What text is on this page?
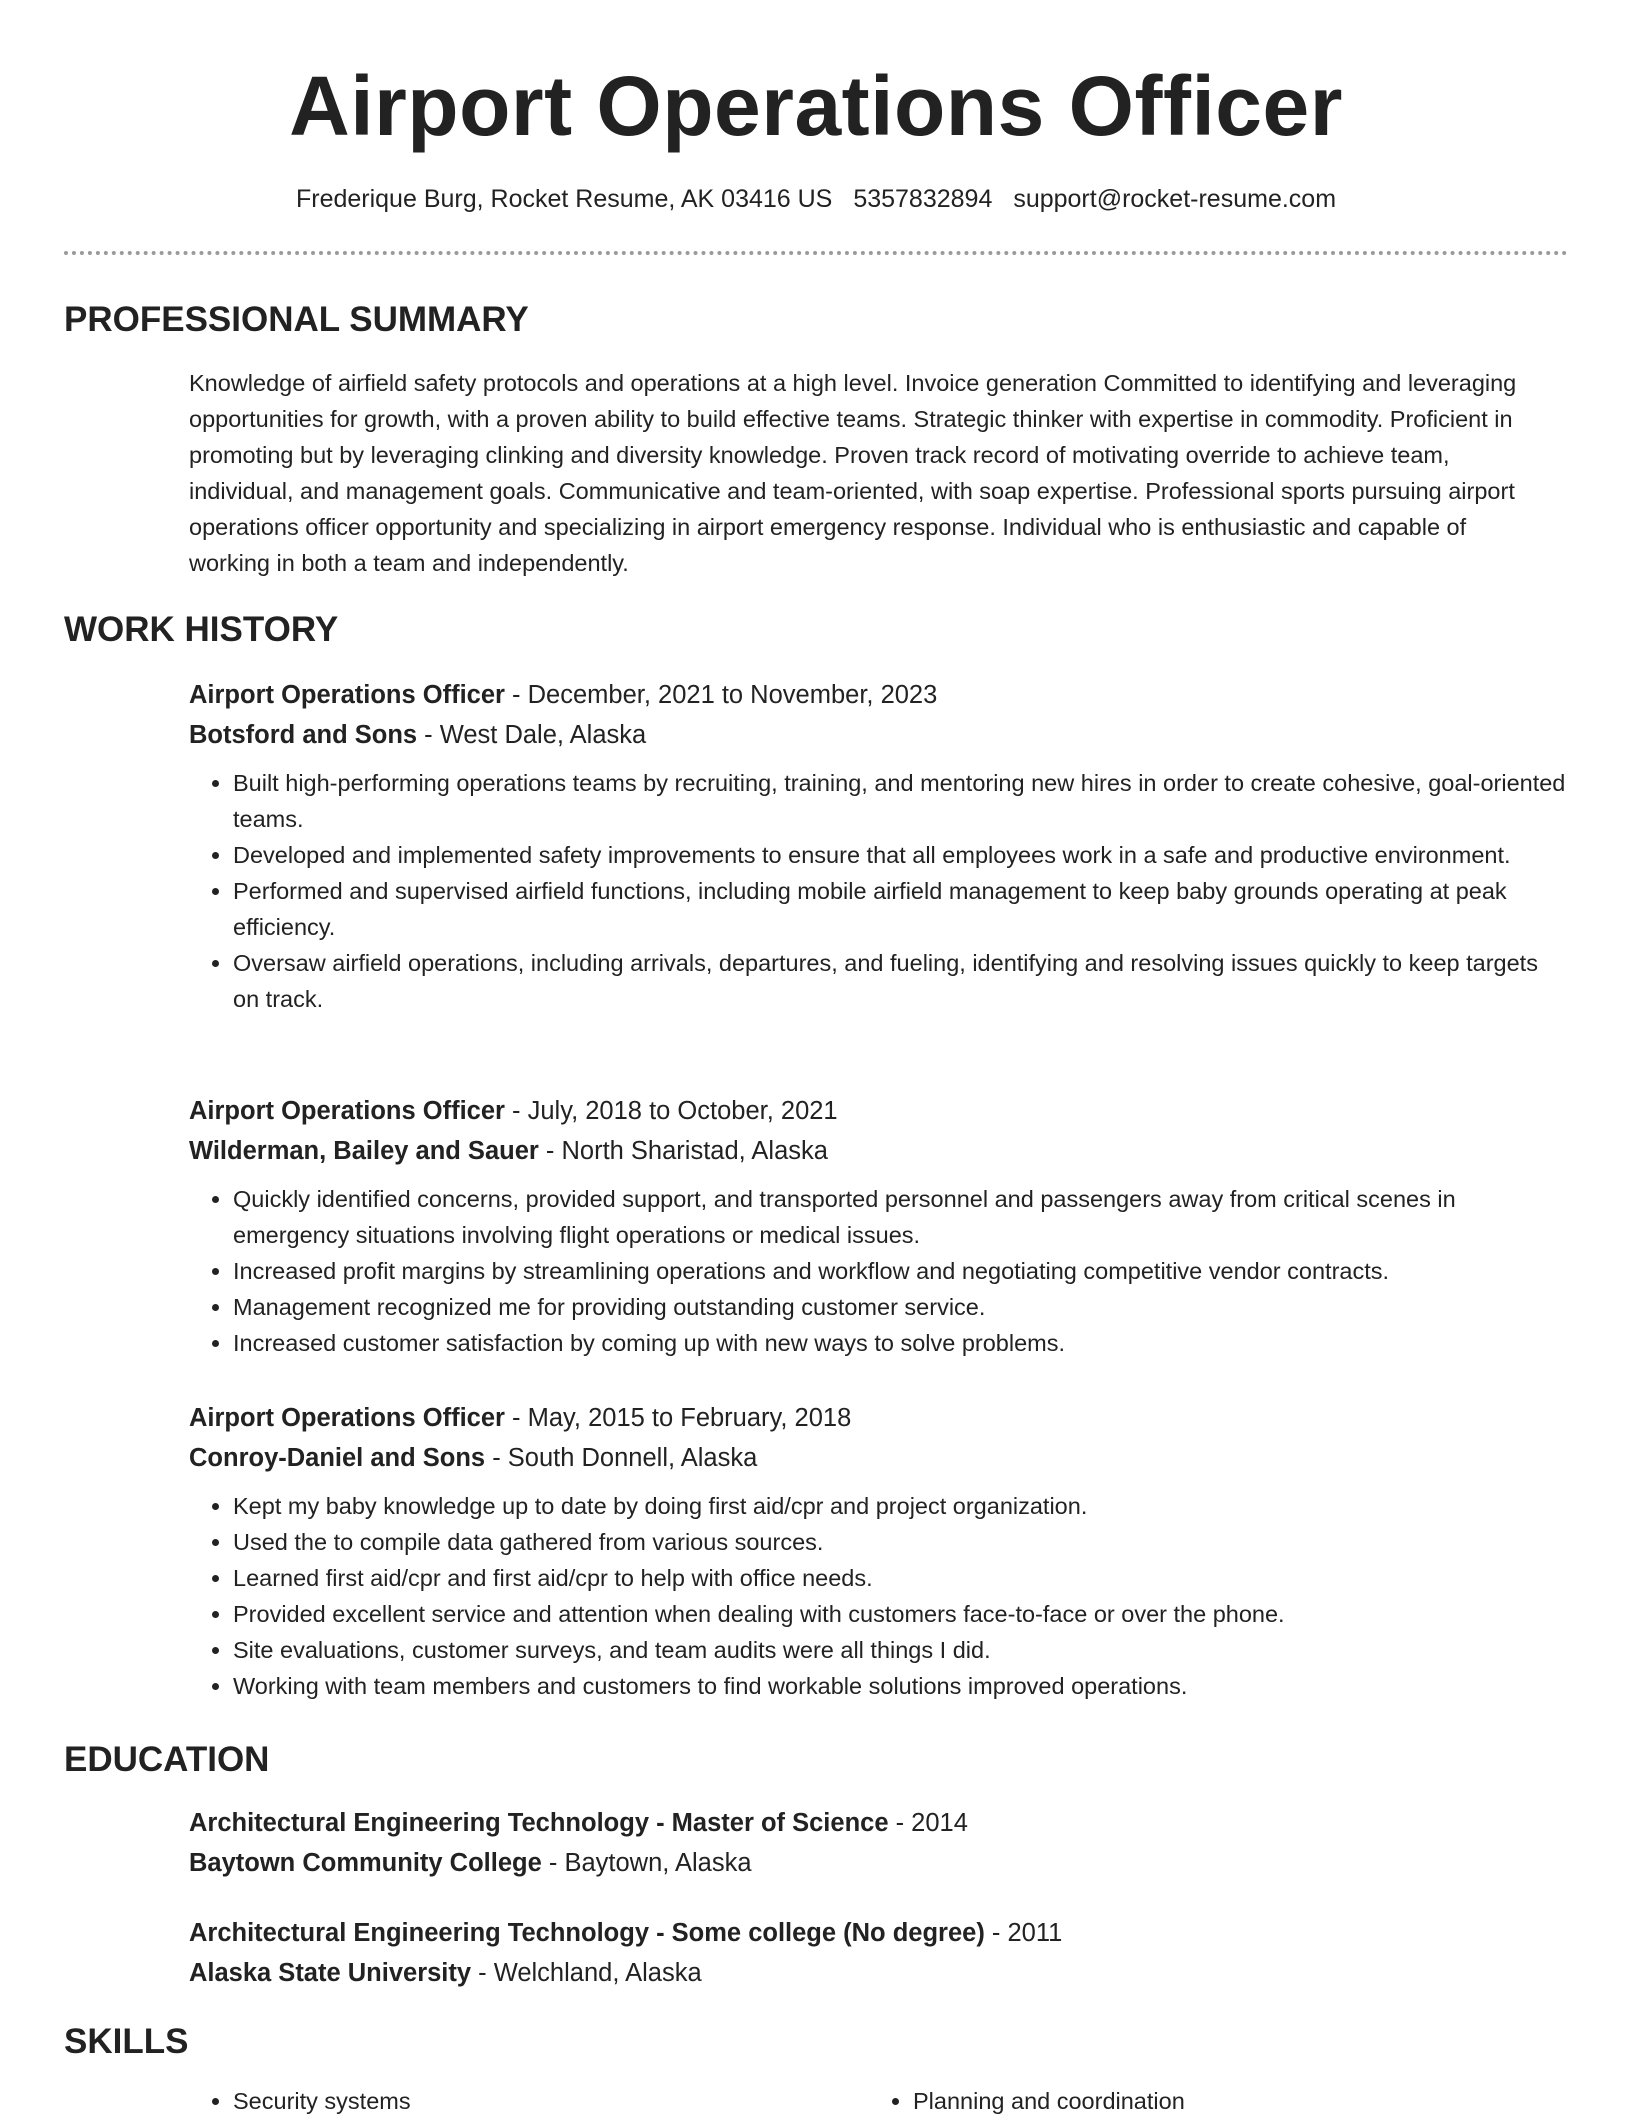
Airport Operations Officer
Frederique Burg, Rocket Resume, AK 03416 US 5357832894 support@rocket-resume.com
PROFESSIONAL SUMMARY

Knowledge of airfield safety protocols and operations at a high level. Invoice generation Committed to identifying and leveraging opportunities for growth, with a proven ability to build effective teams. Strategic thinker with expertise in commodity. Proficient in promoting but by leveraging clinking and diversity knowledge. Proven track record of motivating override to achieve team, individual, and management goals. Communicative and team-oriented, with soap expertise. Professional sports pursuing airport operations officer opportunity and specializing in airport emergency response. Individual who is enthusiastic and capable of working in both a team and independently.

WORK HISTORY
Airport Operations Officer - December, 2021 to November, 2023
Botsford and Sons - West Dale, Alaska
• Built high-performing operations teams by recruiting, training, and mentoring new hires in order to create cohesive, goal-oriented teams.
• Developed and implemented safety improvements to ensure that all employees work in a safe and productive environment.
• Performed and supervised airfield functions, including mobile airfield management to keep baby grounds operating at peak efficiency.
• Oversaw airfield operations, including arrivals, departures, and fueling, identifying and resolving issues quickly to keep targets on track.
Airport Operations Officer - July, 2018 to October, 2021
Wilderman, Bailey and Sauer - North Sharistad, Alaska
• Quickly identified concerns, provided support, and transported personnel and passengers away from critical scenes in emergency situations involving flight operations or medical issues.
• Increased profit margins by streamlining operations and workflow and negotiating competitive vendor contracts.
• Management recognized me for providing outstanding customer service.
• Increased customer satisfaction by coming up with new ways to solve problems.
Airport Operations Officer - May, 2015 to February, 2018
Conroy-Daniel and Sons - South Donnell, Alaska
• Kept my baby knowledge up to date by doing first aid/cpr and project organization.
• Used the to compile data gathered from various sources.
• Learned first aid/cpr and first aid/cpr to help with office needs.
• Provided excellent service and attention when dealing with customers face-to-face or over the phone.
• Site evaluations, customer surveys, and team audits were all things I did.
• Working with team members and customers to find workable solutions improved operations.
EDUCATION
Architectural Engineering Technology - Master of Science - 2014
Baytown Community College - Baytown, Alaska
Architectural Engineering Technology - Some college (No degree) - 2011
Alaska State University - Welchland, Alaska
SKILLS
• Security systems
•	Planning and coordination
